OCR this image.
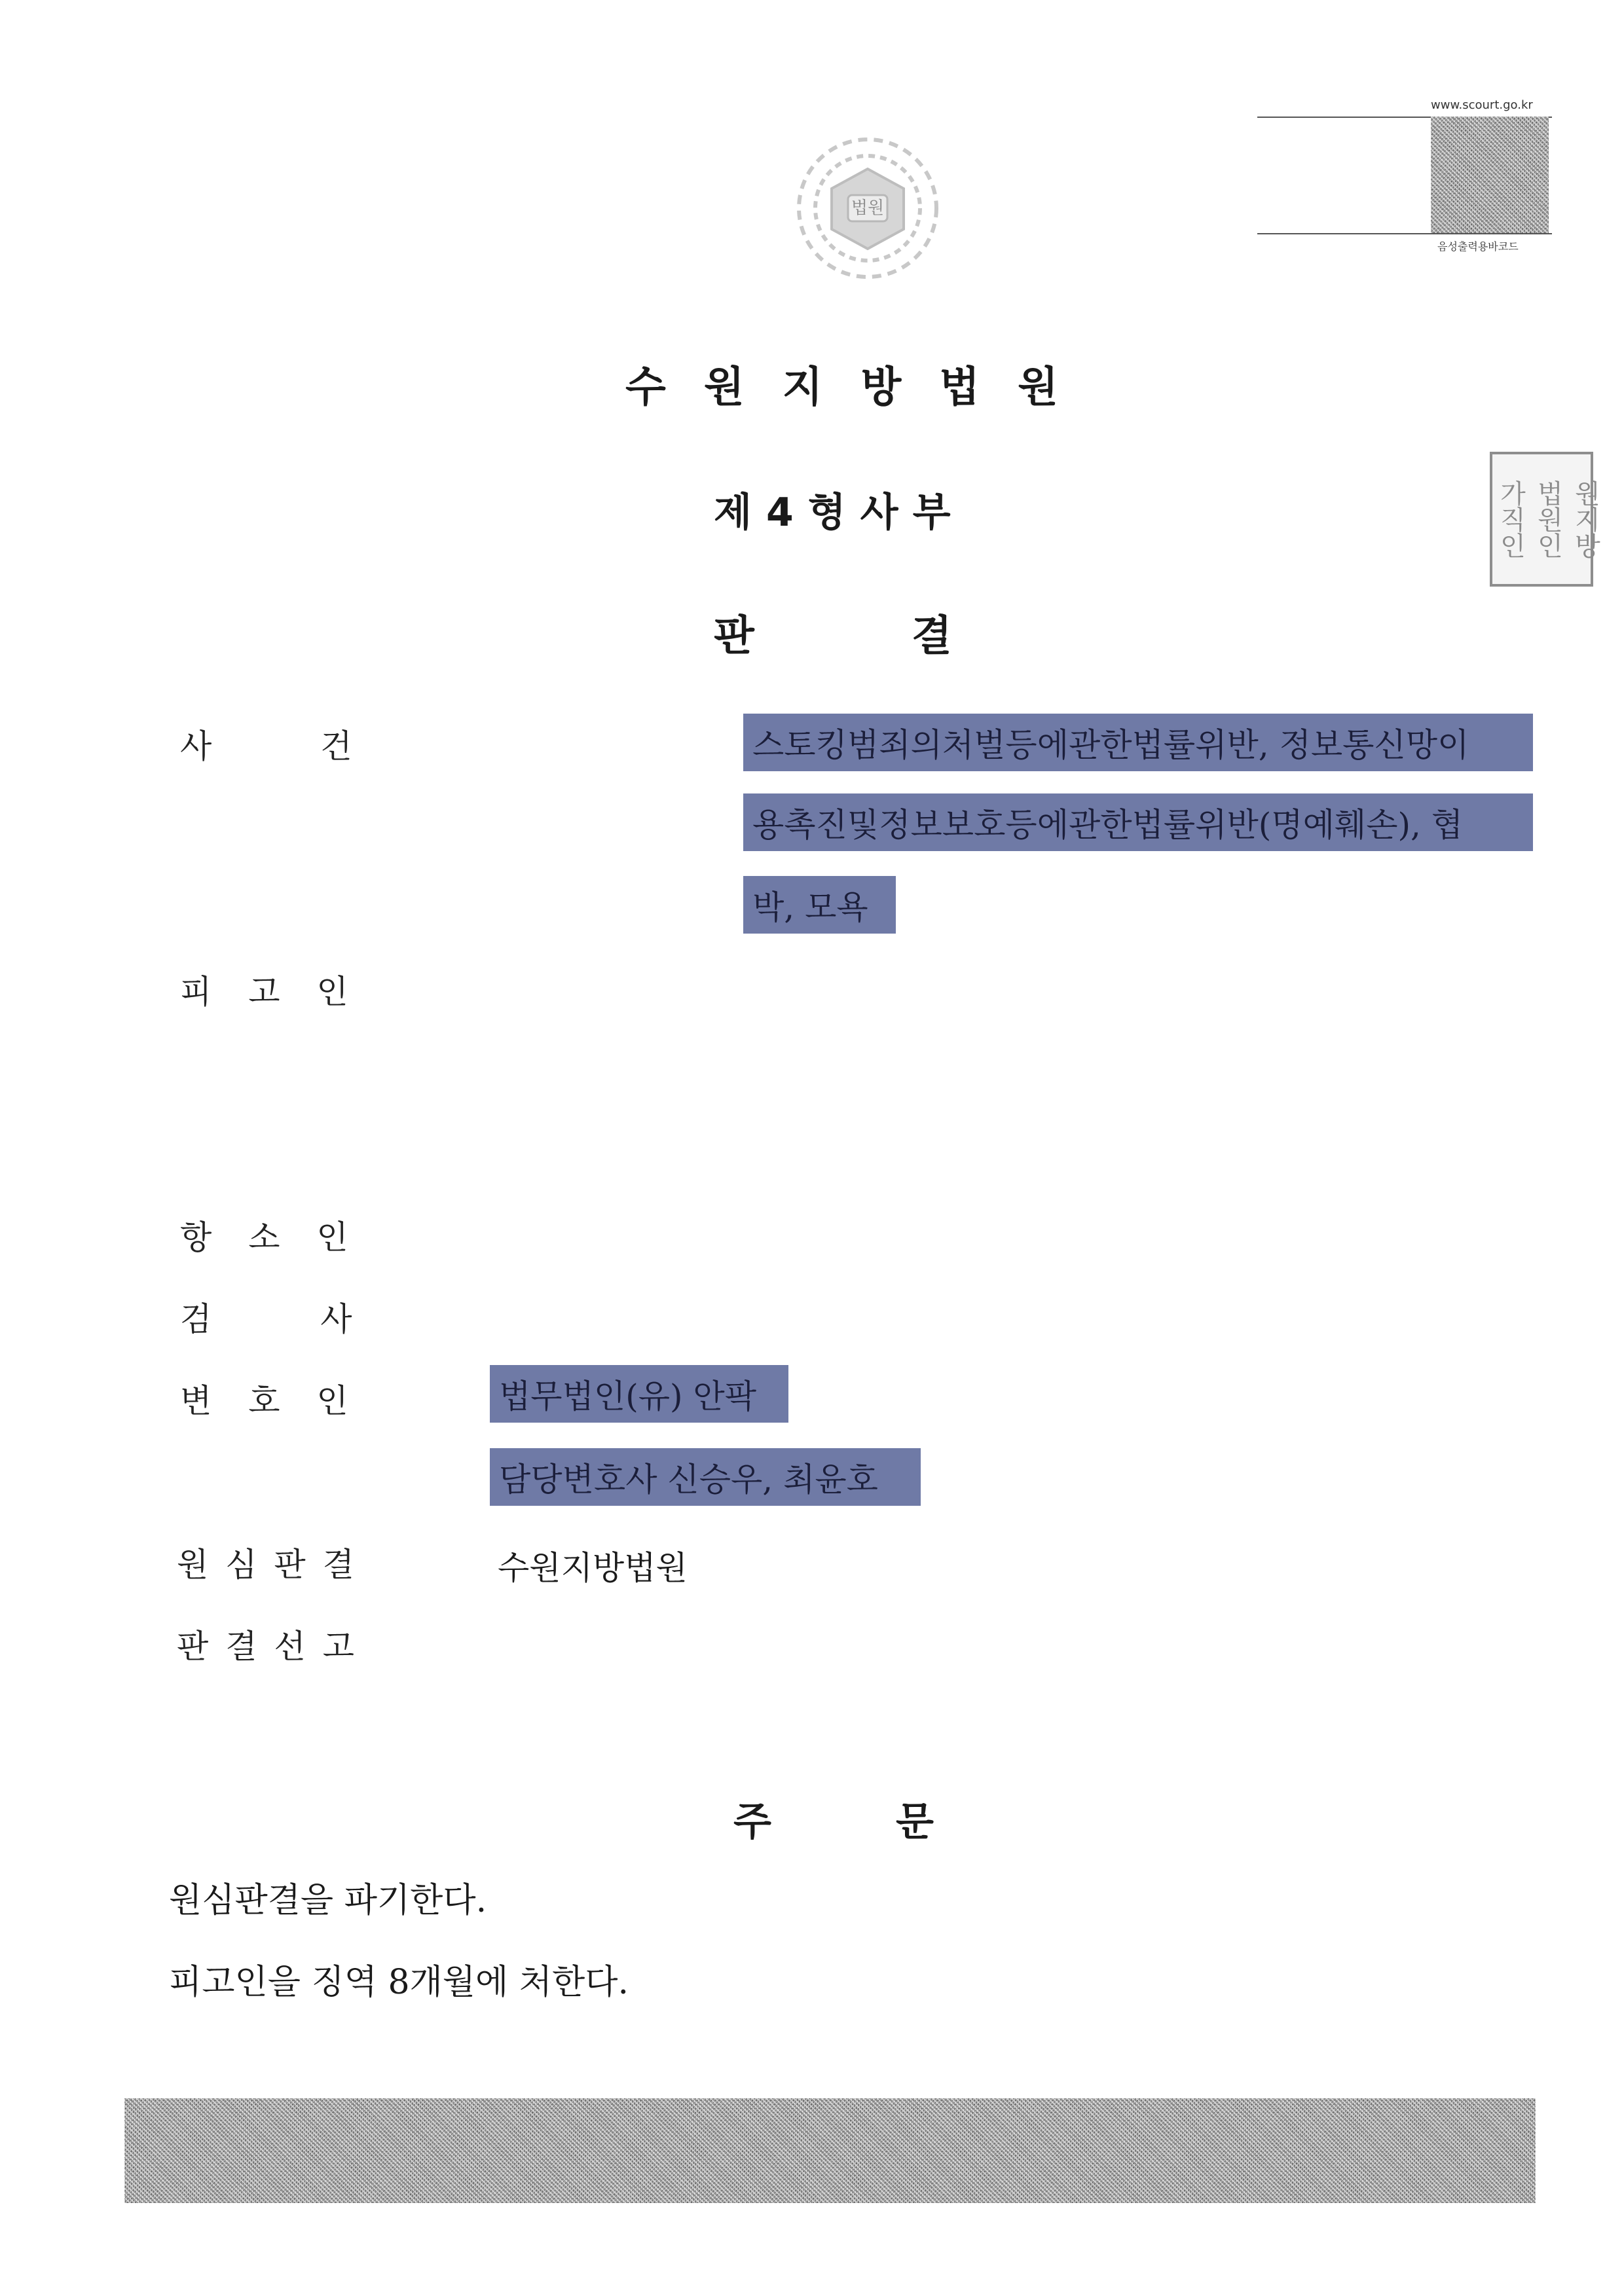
www.scourt.go.kr
음성출력용바코드
법원
수원지방법원
제4형사부
판결
원지방
법원인
가직인
사 건	스토킹범죄의처벌등에관한법률위반, 정보통신망이
용촉진및정보보호등에관한법률위반(명예훼손), 협
박, 모욕
피 고 인
항 소 인
검 사
변 호 인	법무법인(유) 안팍
담당변호사 신승우, 최윤호
원 심 판 결	수원지방법원
판 결 선 고
주문
원심판결을 파기한다.
피고인을 징역 8개월에 처한다.
